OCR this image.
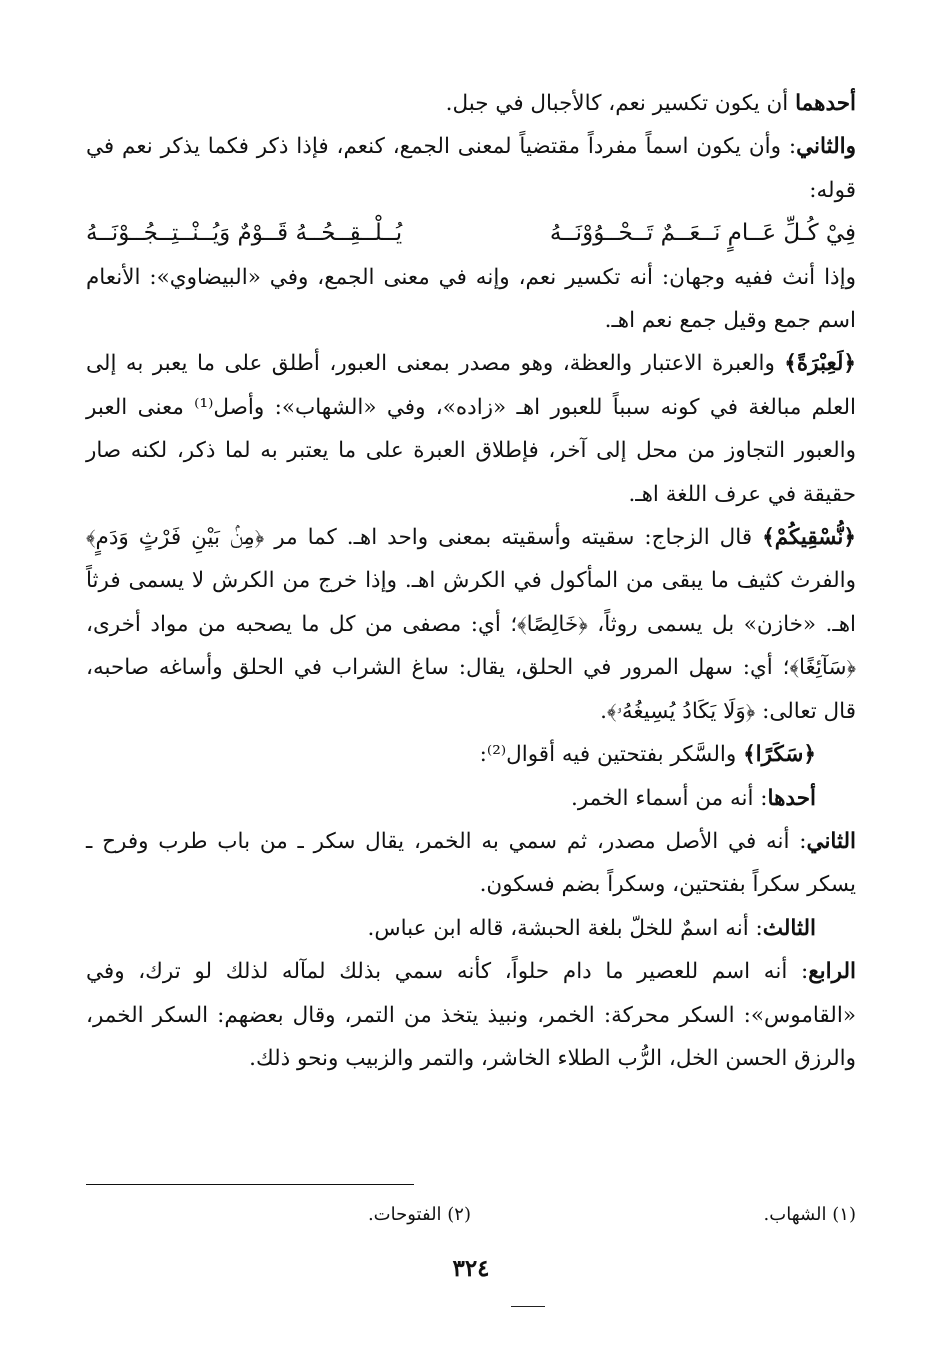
أحدهما أن يكون تكسير نعم، كالأجبال في جبل.

والثاني: وأن يكون اسماً مفرداً مقتضياً لمعنى الجمع، كنعم، فإذا ذكر فكما يذكر نعم في قوله:

فِيْ كُـلِّ عَــامٍ نَــعَــمٌ تَــحْــوُوْنَــهُ
يُــلْــقِــحُــهُ قَــوْمٌ وَيُــنْــتِــجُــوْنَــهُ

وإذا أنث ففيه وجهان: أنه تكسير نعم، وإنه في معنى الجمع، وفي «البيضاوي»: الأنعام اسم جمع وقيل جمع نعم اهـ.

﴿لَعِبْرَةً﴾ والعبرة الاعتبار والعظة، وهو مصدر بمعنى العبور، أطلق على ما يعبر به إلى العلم مبالغة في كونه سبباً للعبور اهـ «زاده»، وفي «الشهاب»: وأصل⁽¹⁾ معنى العبر والعبور التجاوز من محل إلى آخر، فإطلاق العبرة على ما يعتبر به لما ذكر، لكنه صار حقيقة في عرف اللغة اهـ.

﴿نُّسْقِيكُمْ﴾ قال الزجاج: سقيته وأسقيته بمعنى واحد اهـ. كما مر ﴿مِنۢ بَيْنِ فَرْثٍ وَدَمٍ﴾ والفرث كثيف ما يبقى من المأكول في الكرش اهـ. وإذا خرج من الكرش لا يسمى فرثاً اهـ. «خازن» بل يسمى روثاً، ﴿خَالِصًا﴾؛ أي: مصفى من كل ما يصحبه من مواد أخرى، ﴿سَآئِغًا﴾؛ أي: سهل المرور في الحلق، يقال: ساغ الشراب في الحلق وأساغه صاحبه، قال تعالى: ﴿وَلَا يَكَادُ يُسِيغُهُۥ﴾.

﴿سَكَرًا﴾ والسَّكر بفتحتين فيه أقوال⁽²⁾:

أحدها: أنه من أسماء الخمر.

الثاني: أنه في الأصل مصدر، ثم سمي به الخمر، يقال سكر ـ من باب طرب وفرح ـ يسكر سكراً بفتحتين، وسكراً بضم فسكون.

الثالث: أنه اسمٌ للخلّ بلغة الحبشة، قاله ابن عباس.

الرابع: أنه اسم للعصير ما دام حلواً، كأنه سمي بذلك لمآله لذلك لو ترك، وفي «القاموس»: السكر محركة: الخمر، ونبيذ يتخذ من التمر، وقال بعضهم: السكر الخمر، والرزق الحسن الخل، الرُّب الطلاء الخاشر، والتمر والزبيب ونحو ذلك.

(١) الشهاب.
(٢) الفتوحات.
٣٢٤
